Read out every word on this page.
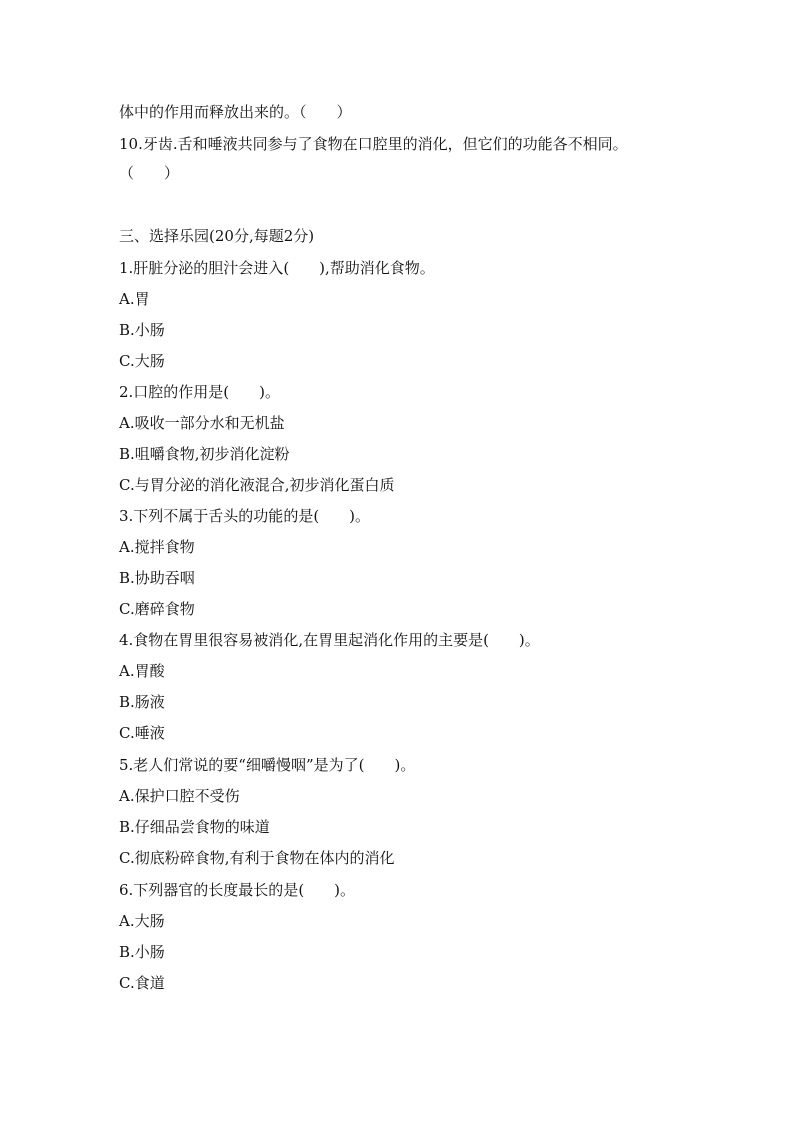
体中的作用而释放出来的。（　　）
10.牙齿.舌和唾液共同参与了食物在口腔里的消化，但它们的功能各不相同。
（　　）
三、选择乐园(20分,每题2分)
1.肝脏分泌的胆汁会进入(　　),帮助消化食物。
A.胃
B.小肠
C.大肠
2.口腔的作用是(　　)。
A.吸收一部分水和无机盐
B.咀嚼食物,初步消化淀粉
C.与胃分泌的消化液混合,初步消化蛋白质
3.下列不属于舌头的功能的是(　　)。
A.搅拌食物
B.协助吞咽
C.磨碎食物
4.食物在胃里很容易被消化,在胃里起消化作用的主要是(　　)。
A.胃酸
B.肠液
C.唾液
5.老人们常说的要“细嚼慢咽”是为了(　　)。
A.保护口腔不受伤
B.仔细品尝食物的味道
C.彻底粉碎食物,有利于食物在体内的消化
6.下列器官的长度最长的是(　　)。
A.大肠
B.小肠
C.食道
